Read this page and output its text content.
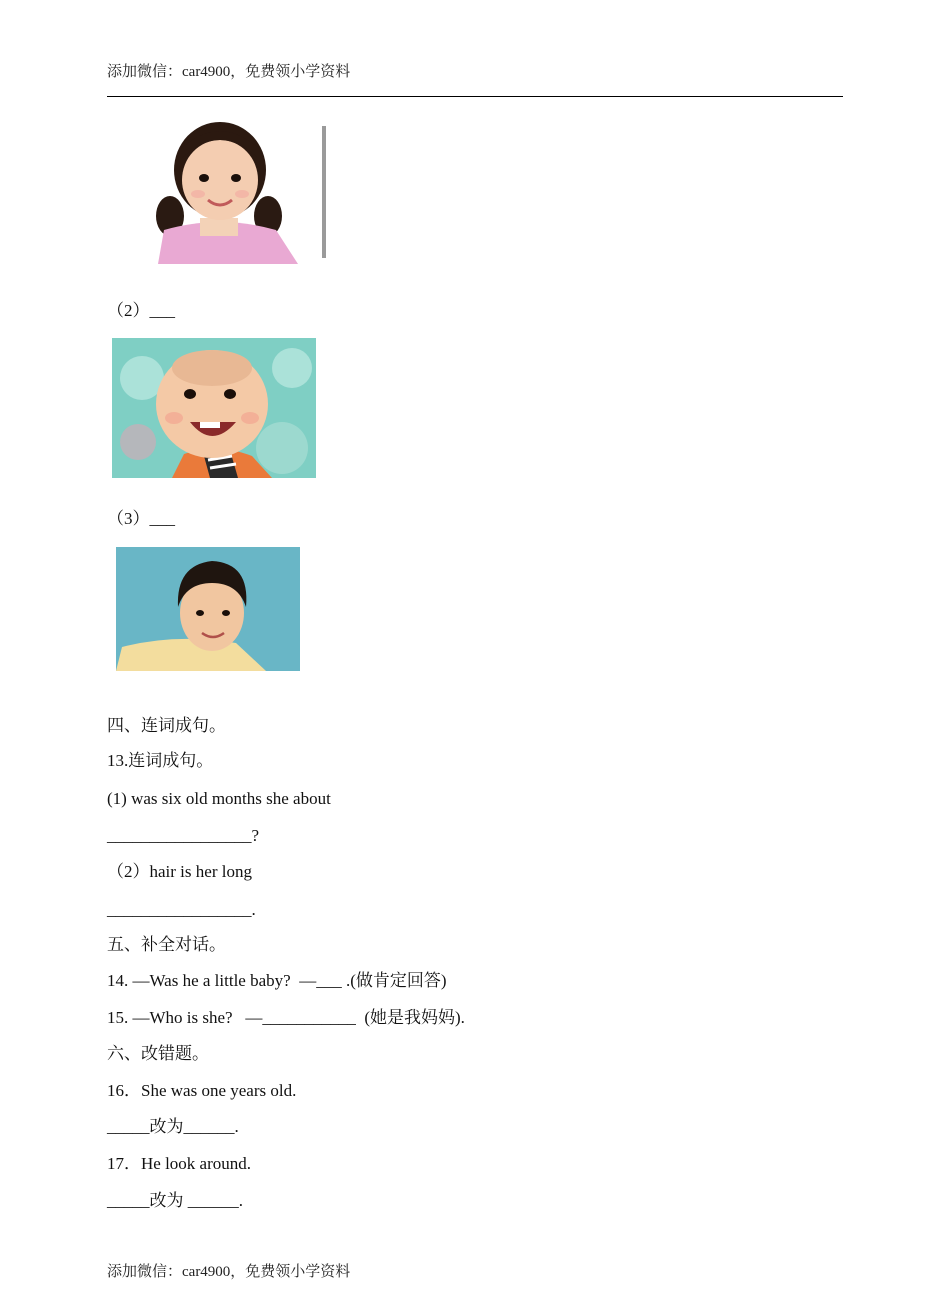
添加微信：car4900，免费领小学资料
（2）___
（3）___
四、连词成句。
13.连词成句。
(1) was six old months she about
_________________?
（2）hair is her long
_________________.
五、补全对话。
14. —Was he a little baby?  —___ .(做肯定回答)
15. —Who is she?   —___________  (她是我妈妈).
六、改错题。
16．She was one years old.
_____改为______.
17．He look around.
_____改为 ______.
添加微信：car4900，免费领小学资料
